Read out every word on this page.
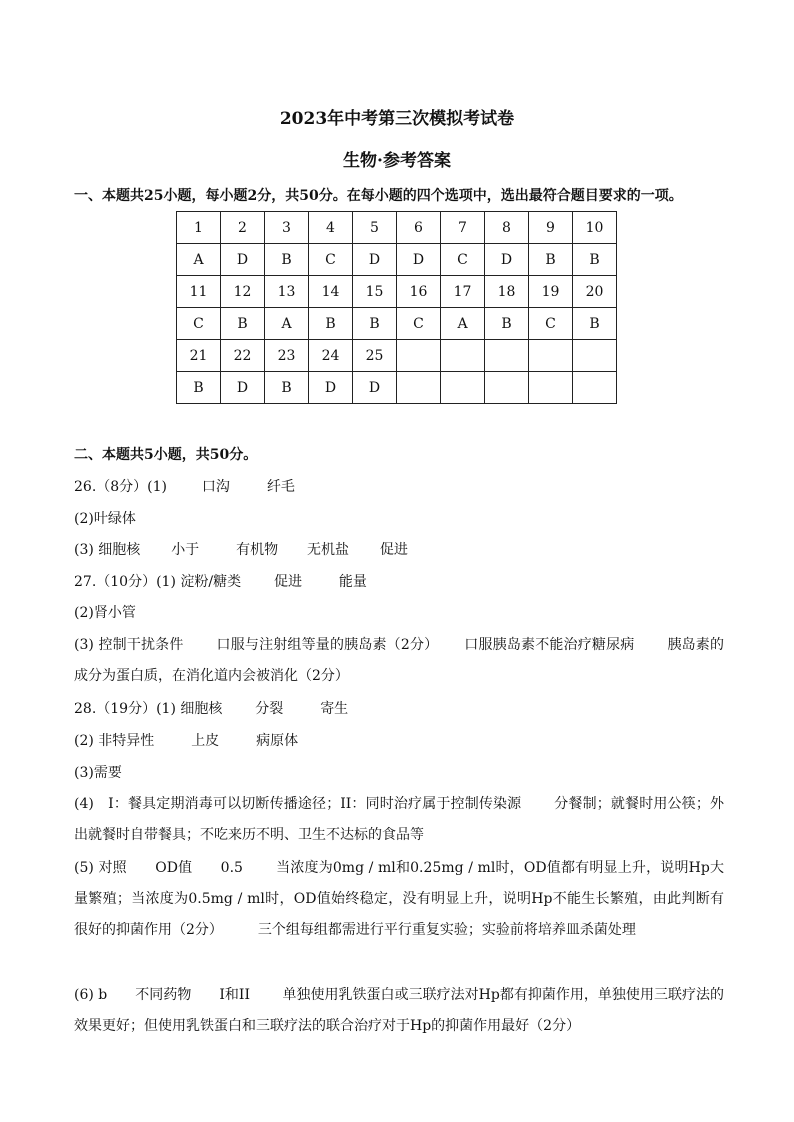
2023年中考第三次模拟考试卷
生物·参考答案
一、本题共25小题，每小题2分，共50分。在每小题的四个选项中，选出最符合题目要求的一项。
1	2	3	4	5	6	7	8	9	10
A	D	B	C	D	D	C	D	B	B
11	12	13	14	15	16	17	18	19	20
C	B	A	B	B	C	A	B	C	B
21	22	23	24	25					
B	D	B	D	D					
二、本题共5小题，共50分。
26.（8分）(1) 口沟	纤毛
(2)叶绿体
(3) 细胞核 小于	有机物 无机盐 促进
27.（10分）(1) 淀粉/糖类 促进	能量
(2)肾小管
(3) 控制干扰条件　　 口服与注射组等量的胰岛素（2分）　　 口服胰岛素不能治疗糖尿病　　 胰岛素的成分为蛋白质，在消化道内会被消化（2分）
28.（19分）(1) 细胞核 分裂	寄生
(2) 非特异性	上皮	病原体
(3)需要
(4)　I：餐具定期消毒可以切断传播途径；II：同时治疗属于控制传染源　　 分餐制；就餐时用公筷；外出就餐时自带餐具；不吃来历不明、卫生不达标的食品等
(5) 对照　　OD值　　0.5　　 当浓度为0mg / ml和0.25mg / ml时，OD值都有明显上升，说明Hp大量繁殖；当浓度为0.5mg / ml时，OD值始终稳定，没有明显上升，说明Hp不能生长繁殖，由此判断有很好的抑菌作用（2分）　　　三个组每组都需进行平行重复实验；实验前将培养皿杀菌处理
(6) b　　不同药物　　I和II　　 单独使用乳铁蛋白或三联疗法对Hp都有抑菌作用，单独使用三联疗法的效果更好；但使用乳铁蛋白和三联疗法的联合治疗对于Hp的抑菌作用最好（2分）
